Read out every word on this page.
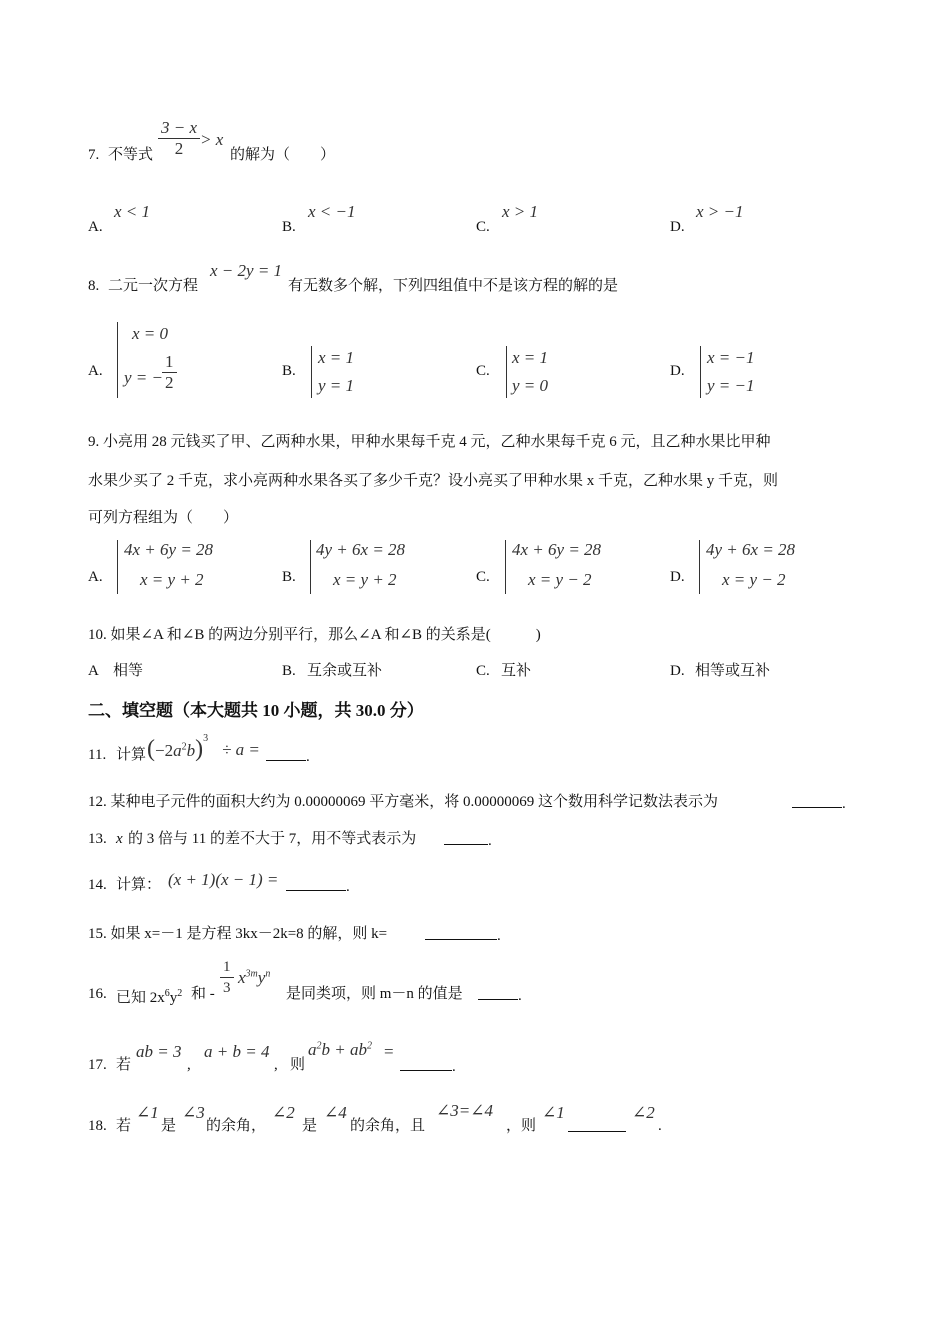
7. 不等式 $\frac{3 - x}{2} > x$
的解为（　　）
A.
x < 1
B.
x < −1
C.
x > 1
D.
x > −1
8. 二元一次方程
x − 2y = 1
有无数多个解，下列四组值中不是该方程的解的是
A.
x = 0
y = − $\frac{1}{2}$	B.
x = 1
y = 1
C.
x = 1
y = 0
D.
x = −1
y = −1
9. 小亮用 28 元钱买了甲、乙两种水果，甲种水果每千克 4 元，乙种水果每千克 6 元，且乙种水果比甲种
水果少买了 2 千克，求小亮两种水果各买了多少千克？设小亮买了甲种水果 x 千克，乙种水果 y 千克，则
可列方程组为（　　）
A.
4x + 6y = 28
x = y + 2	B.
4y + 6x = 28
x = y + 2	C.
4x + 6y = 28
x = y − 2	D.
4y + 6x = 28
x = y − 2
10. 如果∠A 和∠B 的两边分别平行，那么∠A 和∠B 的关系是(　　　)
A 相等	B. 互余或互补	C. 互补	D. 相等或互补
二、填空题（本大题共 10 小题，共 30.0 分）
11. 计算 $(-2a^2b)^3$
÷ a =	.
12. 某种电子元件的面积大约为 0.00000069 平方毫米，将 0.00000069 这个数用科学记数法表示为	.
13. x 的 3 倍与 11 的差不大于 7，用不等式表示为	.
14. 计算： (x + 1)(x − 1) =	.
15. 如果 x=－1 是方程 3kx－2k=8 的解，则 k=	.
16. 已知 $2x^6y^2$ 和 - $\frac{1}{3} x^{3m}y^n$
是同类项，则 m－n 的值是	.
17. 若
ab = 3
,
a + b = 4
, 则
$a^2b + ab^2$ =
.
18. 若
∠1
是
∠3
的余角，
∠2
是
∠4
的余角，且
∠3=∠4
，则
∠1	∠2
.
